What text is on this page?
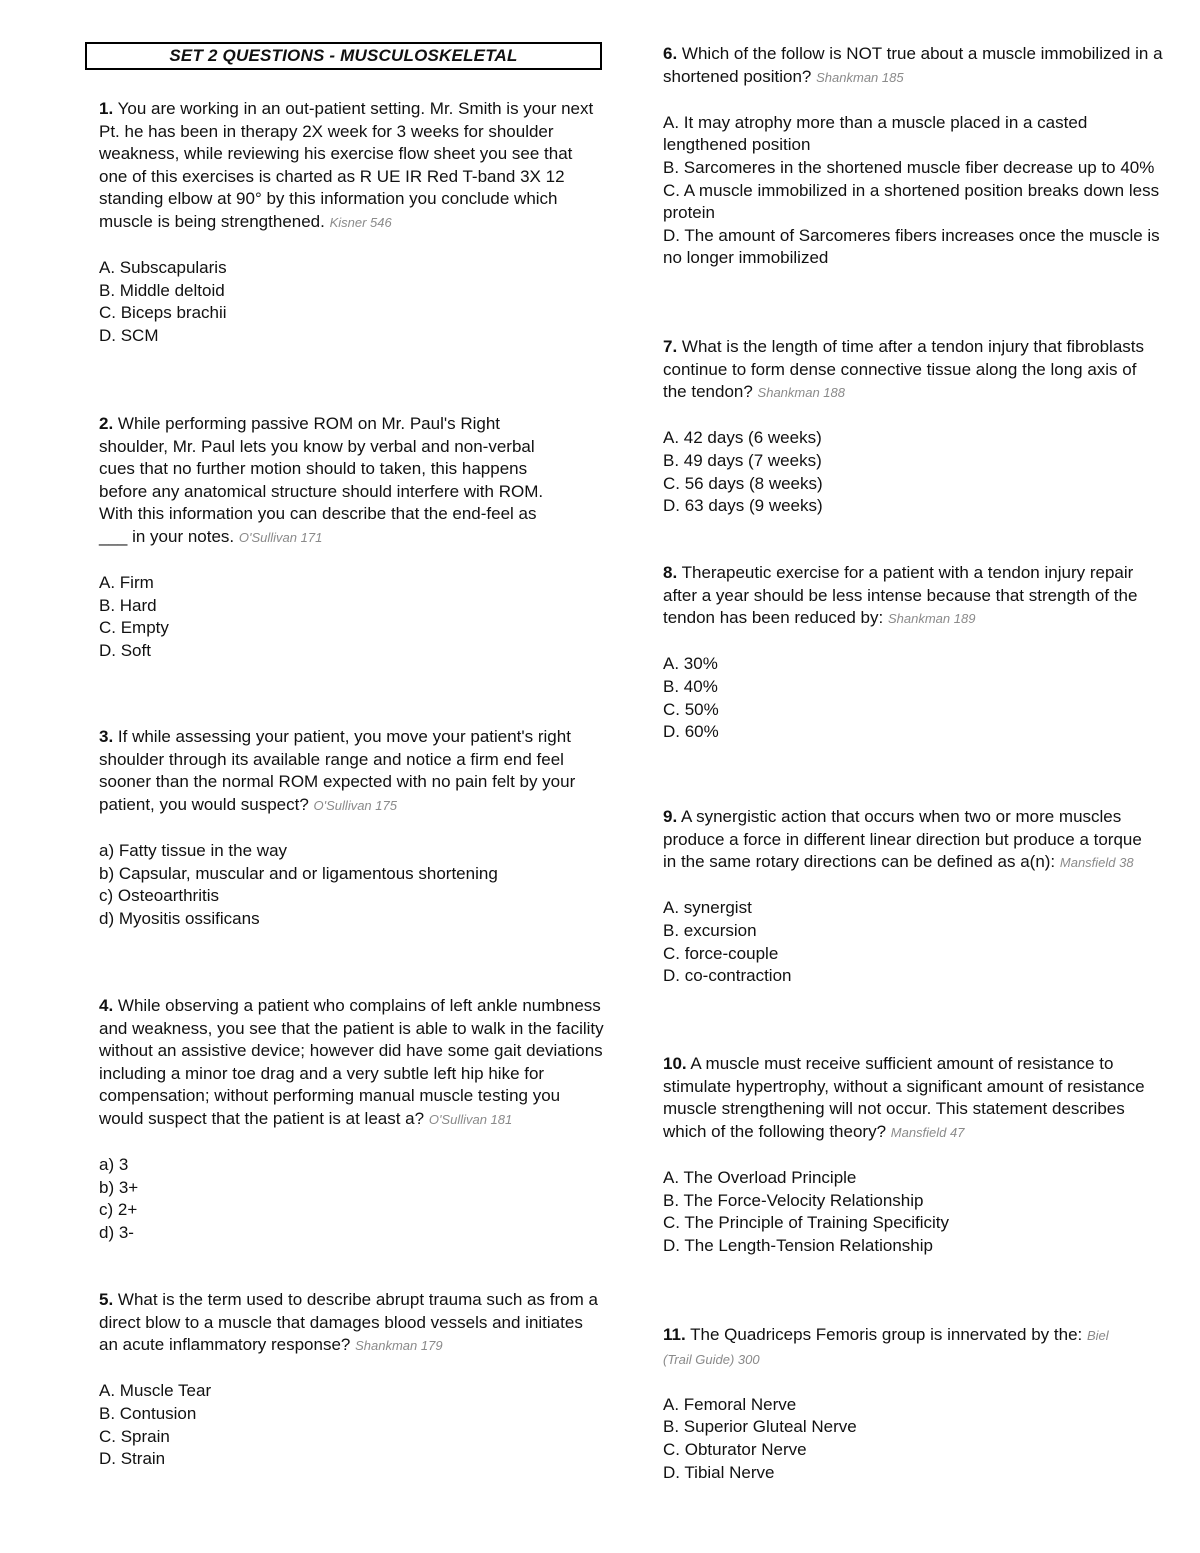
SET 2 QUESTIONS - MUSCULOSKELETAL
1. You are working in an out-patient setting. Mr. Smith is your next Pt. he has been in therapy 2X week for 3 weeks for shoulder weakness, while reviewing his exercise flow sheet you see that one of this exercises is charted as R UE IR Red T-band 3X 12 standing elbow at 90° by this information you conclude which muscle is being strengthened. Kisner 546
A. Subscapularis
B. Middle deltoid
C. Biceps brachii
D. SCM
2. While performing passive ROM on Mr. Paul's Right shoulder, Mr. Paul lets you know by verbal and non-verbal cues that no further motion should to taken, this happens before any anatomical structure should interfere with ROM. With this information you can describe that the end-feel as ___ in your notes. O'Sullivan 171
A. Firm
B. Hard
C. Empty
D. Soft
3. If while assessing your patient, you move your patient's right shoulder through its available range and notice a firm end feel sooner than the normal ROM expected with no pain felt by your patient, you would suspect? O'Sullivan 175
a) Fatty tissue in the way
b) Capsular, muscular and or ligamentous shortening
c) Osteoarthritis
d) Myositis ossificans
4. While observing a patient who complains of left ankle numbness and weakness, you see that the patient is able to walk in the facility without an assistive device; however did have some gait deviations including a minor toe drag and a very subtle left hip hike for compensation; without performing manual muscle testing you would suspect that the patient is at least a? O'Sullivan 181
a) 3
b) 3+
c) 2+
d) 3-
5. What is the term used to describe abrupt trauma such as from a direct blow to a muscle that damages blood vessels and initiates an acute inflammatory response? Shankman 179
A. Muscle Tear
B. Contusion
C. Sprain
D. Strain
6. Which of the follow is NOT true about a muscle immobilized in a shortened position? Shankman 185
A. It may atrophy more than a muscle placed in a casted lengthened position
B. Sarcomeres in the shortened muscle fiber decrease up to 40%
C. A muscle immobilized in a shortened position breaks down less protein
D. The amount of Sarcomeres fibers increases once the muscle is no longer immobilized
7. What is the length of time after a tendon injury that fibroblasts continue to form dense connective tissue along the long axis of the tendon? Shankman 188
A. 42 days (6 weeks)
B. 49 days (7 weeks)
C. 56 days (8 weeks)
D. 63 days (9 weeks)
8. Therapeutic exercise for a patient with a tendon injury repair after a year should be less intense because that strength of the tendon has been reduced by: Shankman 189
A. 30%
B. 40%
C. 50%
D. 60%
9. A synergistic action that occurs when two or more muscles produce a force in different linear direction but produce a torque in the same rotary directions can be defined as a(n): Mansfield 38
A. synergist
B. excursion
C. force-couple
D. co-contraction
10. A muscle must receive sufficient amount of resistance to stimulate hypertrophy, without a significant amount of resistance muscle strengthening will not occur. This statement describes which of the following theory? Mansfield 47
A. The Overload Principle
B. The Force-Velocity Relationship
C. The Principle of Training Specificity
D. The Length-Tension Relationship
11. The Quadriceps Femoris group is innervated by the: Biel (Trail Guide) 300
A. Femoral Nerve
B. Superior Gluteal Nerve
C. Obturator Nerve
D. Tibial Nerve
